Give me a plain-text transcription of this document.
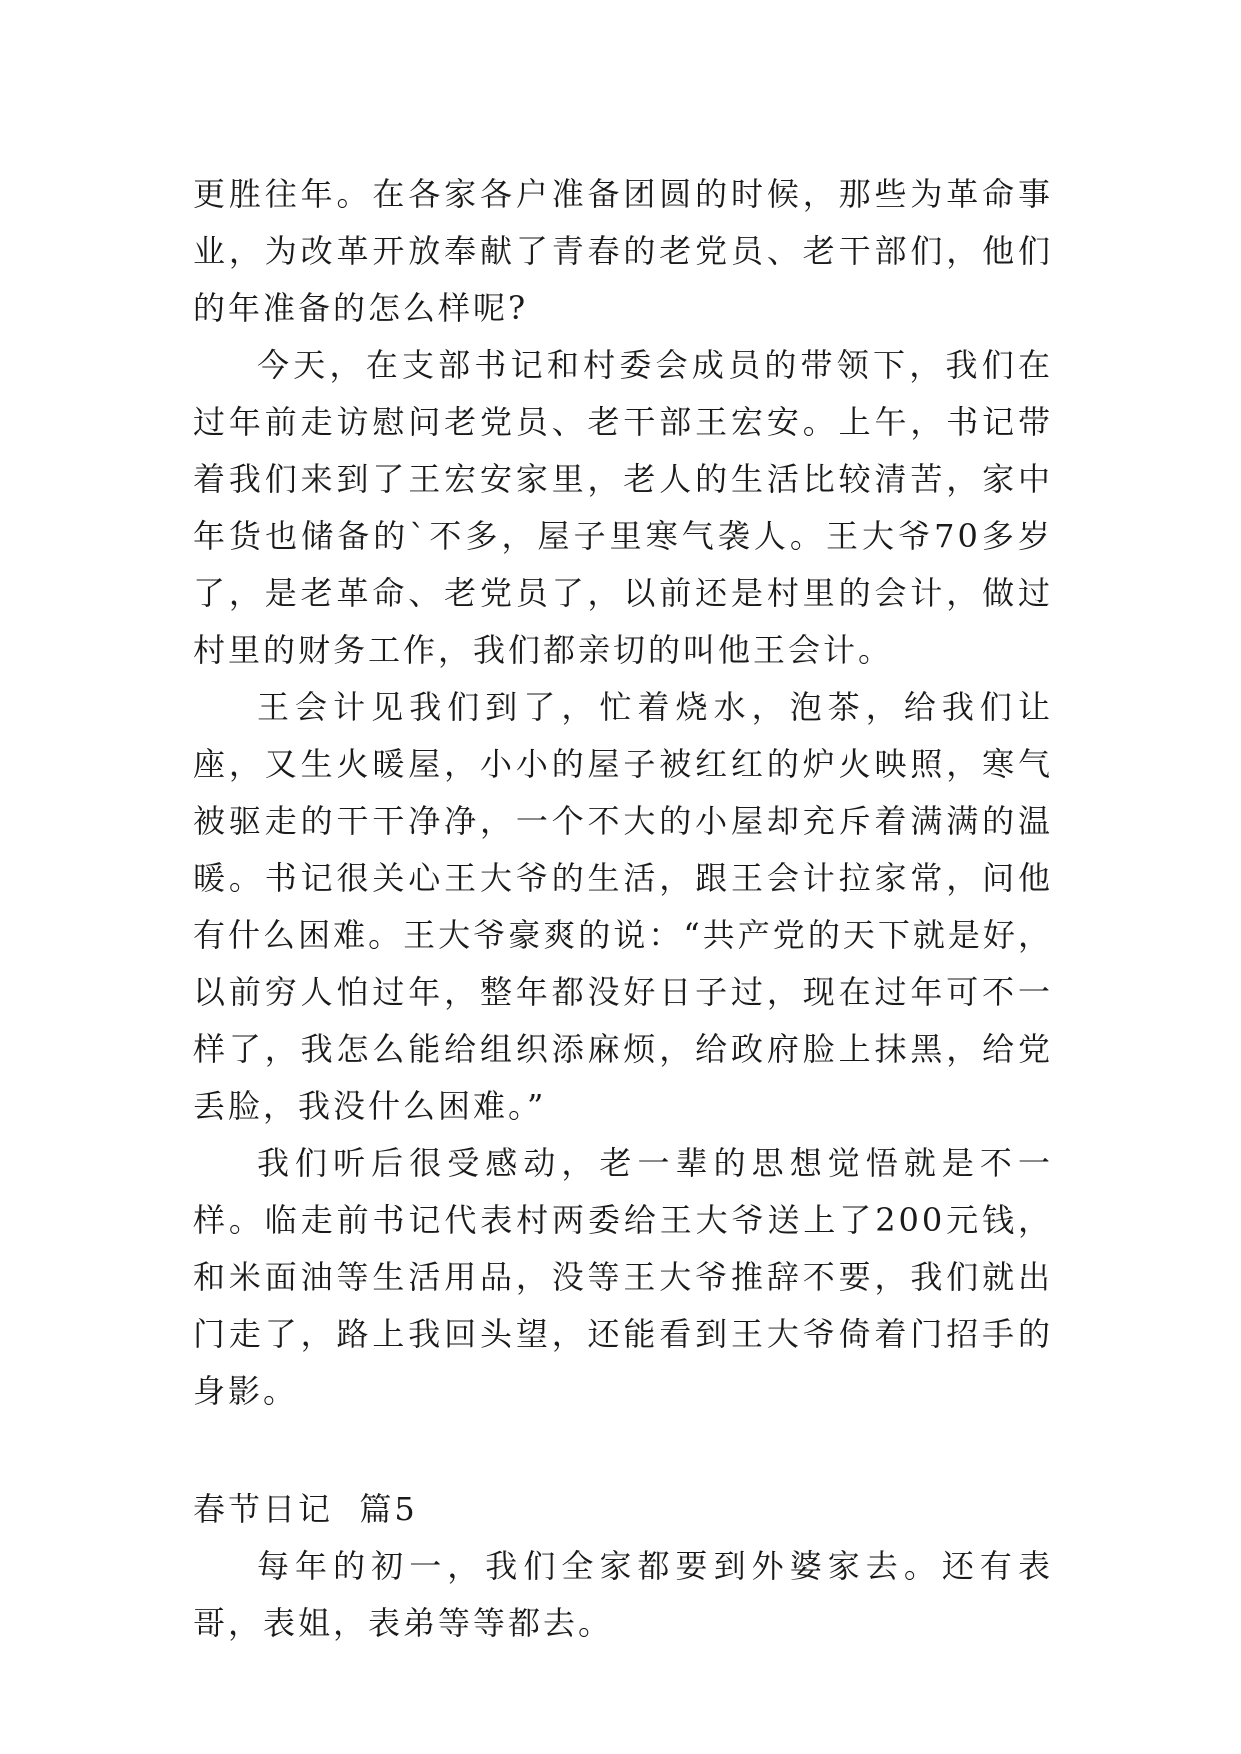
更胜往年。在各家各户准备团圆的时候，那些为革命事业，为改革开放奉献了青春的老党员、老干部们，他们的年准备的怎么样呢?

今天，在支部书记和村委会成员的带领下，我们在过年前走访慰问老党员、老干部王宏安。上午，书记带着我们来到了王宏安家里，老人的生活比较清苦，家中年货也储备的`不多，屋子里寒气袭人。王大爷70多岁了，是老革命、老党员了，以前还是村里的会计，做过村里的财务工作，我们都亲切的叫他王会计。

王会计见我们到了，忙着烧水，泡茶，给我们让座，又生火暖屋，小小的屋子被红红的炉火映照，寒气被驱走的干干净净，一个不大的小屋却充斥着满满的温暖。书记很关心王大爷的生活，跟王会计拉家常，问他有什么困难。王大爷豪爽的说：“共产党的天下就是好，以前穷人怕过年，整年都没好日子过，现在过年可不一样了，我怎么能给组织添麻烦，给政府脸上抹黑，给党丢脸，我没什么困难。”

我们听后很受感动，老一辈的思想觉悟就是不一样。临走前书记代表村两委给王大爷送上了200元钱，和米面油等生活用品，没等王大爷推辞不要，我们就出门走了，路上我回头望，还能看到王大爷倚着门招手的身影。

春节日记  篇5

每年的初一，我们全家都要到外婆家去。还有表哥，表姐，表弟等等都去。
